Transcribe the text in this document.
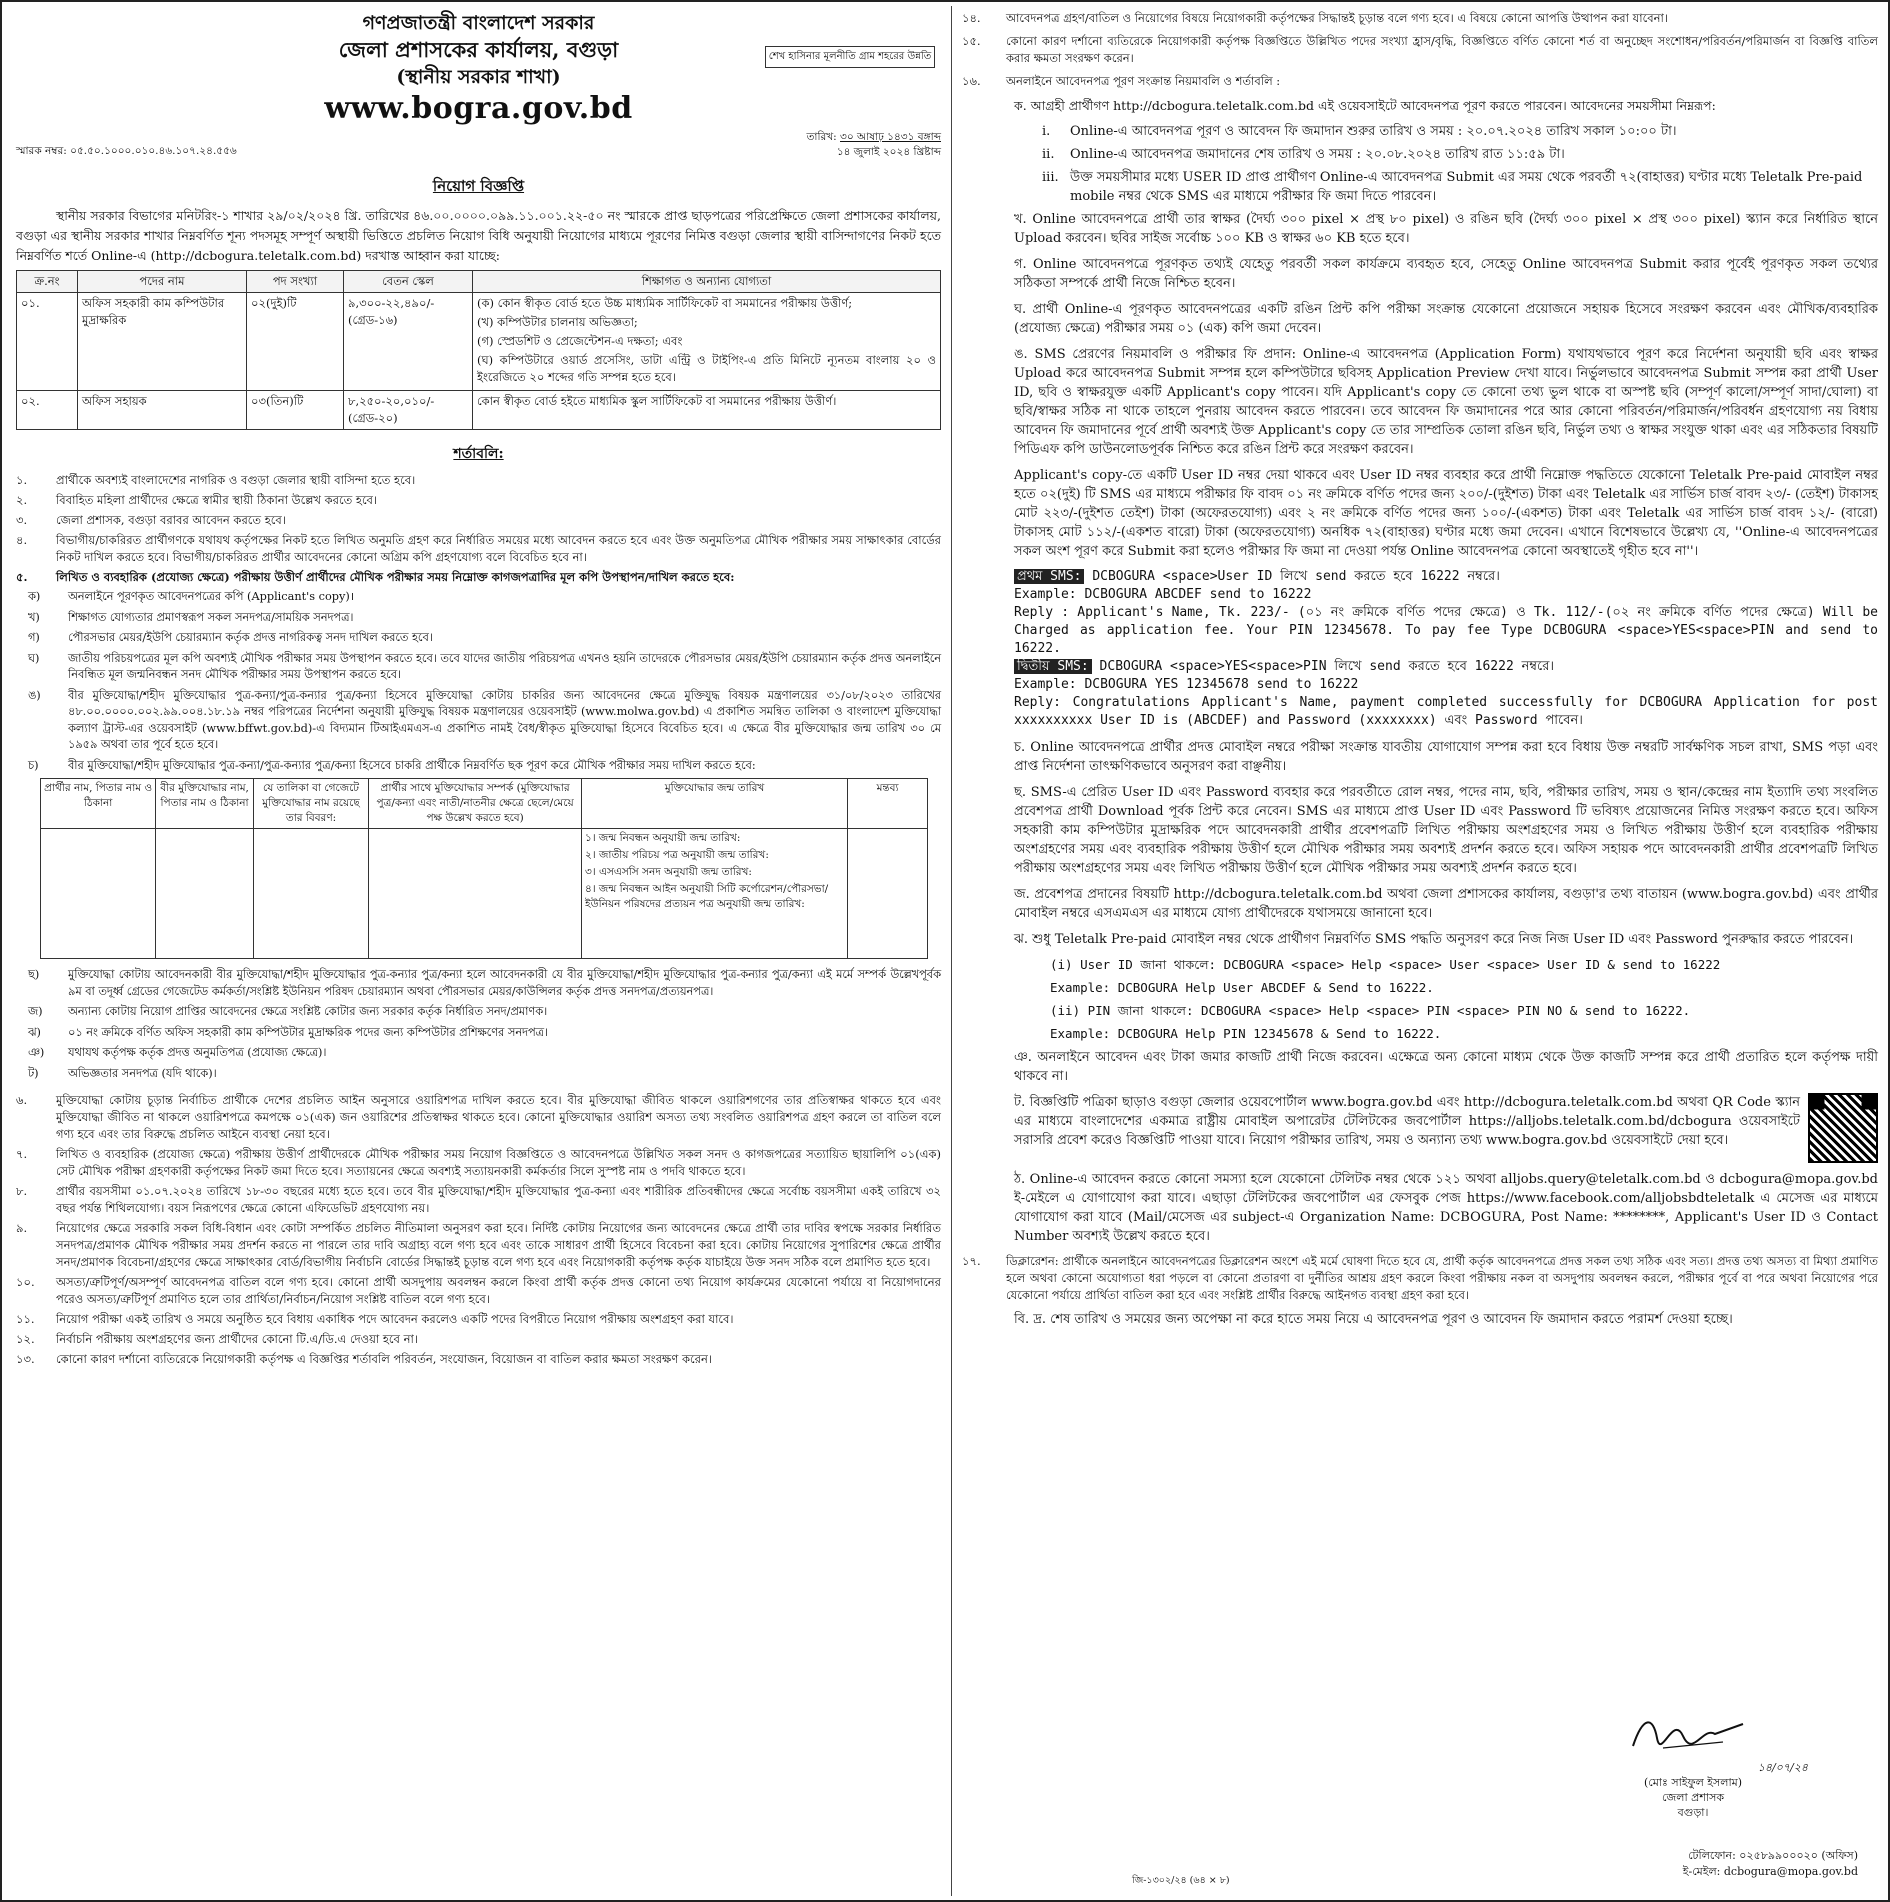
গণপ্রজাতন্ত্রী বাংলাদেশ সরকার
জেলা প্রশাসকের কার্যালয়, বগুড়া
(স্থানীয় সরকার শাখা)
www.bogra.gov.bd
শেখ হাসিনার মূলনীতি গ্রাম শহরের উন্নতি
স্মারক নম্বর: ০৫.৫০.১০০০.০১০.৪৬.১০৭.২৪.৫৫৬
তারিখ: ৩০ আষাঢ় ১৪৩১ বঙ্গাব্দ
১৪ জুলাই ২০২৪ খ্রিষ্টাব্দ
নিয়োগ বিজ্ঞপ্তি
স্থানীয় সরকার বিভাগের মনিটরিং-১ শাখার ২৯/০২/২০২৪ খ্রি. তারিখের ৪৬.০০.০০০০.০৯৯.১১.০০১.২২-৫০ নং স্মারকে প্রাপ্ত ছাড়পত্রের পরিপ্রেক্ষিতে জেলা প্রশাসকের কার্যালয়, বগুড়া এর স্থানীয় সরকার শাখার নিম্নবর্ণিত শূন্য পদসমূহ সম্পূর্ণ অস্থায়ী ভিত্তিতে প্রচলিত নিয়োগ বিধি অনুযায়ী নিয়োগের মাধ্যমে পূরণের নিমিত্ত বগুড়া জেলার স্থায়ী বাসিন্দাগণের নিকট হতে নিম্নবর্ণিত শর্তে Online-এ (http://dcbogura.teletalk.com.bd) দরখাস্ত আহ্বান করা যাচ্ছে:
ক্র.নং	পদের নাম	পদ সংখ্যা	বেতন স্কেল	শিক্ষাগত ও অন্যান্য যোগ্যতা
০১.	অফিস সহকারী কাম কম্পিউটার মুদ্রাক্ষরিক	০২(দুই)টি	৯,৩০০-২২,৪৯০/- (গ্রেড-১৬)	(ক) কোন স্বীকৃত বোর্ড হতে উচ্চ মাধ্যমিক সার্টিফিকেট বা সমমানের পরীক্ষায় উত্তীর্ণ;

(খ) কম্পিউটার চালনায় অভিজ্ঞতা;

(গ) স্প্রেডশিট ও প্রেজেন্টেশন-এ দক্ষতা; এবং

(ঘ) কম্পিউটারে ওয়ার্ড প্রসেসিং, ডাটা এন্ট্রি ও টাইপিং-এ প্রতি মিনিটে ন্যূনতম বাংলায় ২০ ও ইংরেজিতে ২০ শব্দের গতি সম্পন্ন হতে হবে।

০২.	অফিস সহায়ক	০৩(তিন)টি	৮,২৫০-২০,০১০/- (গ্রেড-২০)	কোন স্বীকৃত বোর্ড হইতে মাধ্যমিক স্কুল সার্টিফিকেট বা সমমানের পরীক্ষায় উত্তীর্ণ।

শর্তাবলি:
১.	প্রার্থীকে অবশ্যই বাংলাদেশের নাগরিক ও বগুড়া জেলার স্থায়ী বাসিন্দা হতে হবে।
২.	বিবাহিত মহিলা প্রার্থীদের ক্ষেত্রে স্বামীর স্থায়ী ঠিকানা উল্লেখ করতে হবে।
৩.	জেলা প্রশাসক, বগুড়া বরাবর আবেদন করতে হবে।
৪.	বিভাগীয়/চাকরিরত প্রার্থীগণকে যথাযথ কর্তৃপক্ষের নিকট হতে লিখিত অনুমতি গ্রহণ করে নির্ধারিত সময়ের মধ্যে আবেদন করতে হবে এবং উক্ত অনুমতিপত্র মৌখিক পরীক্ষার সময় সাক্ষাৎকার বোর্ডের নিকট দাখিল করতে হবে। বিভাগীয়/চাকরিরত প্রার্থীর আবেদনের কোনো অগ্রিম কপি গ্রহণযোগ্য বলে বিবেচিত হবে না।
৫.	লিখিত ও ব্যবহারিক (প্রযোজ্য ক্ষেত্রে) পরীক্ষায় উত্তীর্ণ প্রার্থীদের মৌখিক পরীক্ষার সময় নিম্নোক্ত কাগজপত্রাদির মূল কপি উপস্থাপন/দাখিল করতে হবে:
ক)	অনলাইনে পূরণকৃত আবেদনপত্রের কপি (Applicant's copy)।
খ)	শিক্ষাগত যোগ্যতার প্রমাণস্বরূপ সকল সনদপত্র/সাময়িক সনদপত্র।
গ)	পৌরসভার মেয়র/ইউপি চেয়ারম্যান কর্তৃক প্রদত্ত নাগরিকত্ব সনদ দাখিল করতে হবে।
ঘ)	জাতীয় পরিচয়পত্রের মূল কপি অবশ্যই মৌখিক পরীক্ষার সময় উপস্থাপন করতে হবে। তবে যাদের জাতীয় পরিচয়পত্র এখনও হয়নি তাদেরকে পৌরসভার মেয়র/ইউপি চেয়ারম্যান কর্তৃক প্রদত্ত অনলাইনে নিবন্ধিত মূল জন্মনিবন্ধন সনদ মৌখিক পরীক্ষার সময় উপস্থাপন করতে হবে।
ঙ)	বীর মুক্তিযোদ্ধা/শহীদ মুক্তিযোদ্ধার পুত্র-কন্যা/পুত্র-কন্যার পুত্র/কন্যা হিসেবে মুক্তিযোদ্ধা কোটায় চাকরির জন্য আবেদনের ক্ষেত্রে মুক্তিযুদ্ধ বিষয়ক মন্ত্রণালয়ের ৩১/০৮/২০২৩ তারিখের ৪৮.০০.০০০০.০০২.৯৯.০০৪.১৮.১৯ নম্বর পরিপত্রের নির্দেশনা অনুযায়ী মুক্তিযুদ্ধ বিষয়ক মন্ত্রণালয়ের ওয়েবসাইট (www.molwa.gov.bd) এ প্রকাশিত সমন্বিত তালিকা ও বাংলাদেশ মুক্তিযোদ্ধা কল্যাণ ট্রাস্ট-এর ওয়েবসাইট (www.bffwt.gov.bd)-এ বিদ্যমান টিআইএমএস-এ প্রকাশিত নামই বৈধ/স্বীকৃত মুক্তিযোদ্ধা হিসেবে বিবেচিত হবে। এ ক্ষেত্রে বীর মুক্তিযোদ্ধার জন্ম তারিখ ৩০ মে ১৯৫৯ অথবা তার পূর্বে হতে হবে।
চ)	বীর মুক্তিযোদ্ধা/শহীদ মুক্তিযোদ্ধার পুত্র-কন্যা/পুত্র-কন্যার পুত্র/কন্যা হিসেবে চাকরি প্রার্থীকে নিম্নবর্ণিত ছক পূরণ করে মৌখিক পরীক্ষার সময় দাখিল করতে হবে:
প্রার্থীর নাম, পিতার নাম ও ঠিকানা	বীর মুক্তিযোদ্ধার নাম, পিতার নাম ও ঠিকানা	যে তালিকা বা গেজেটে মুক্তিযোদ্ধার নাম রয়েছে তার বিবরণ:	প্রার্থীর সাথে মুক্তিযোদ্ধার সম্পর্ক (মুক্তিযোদ্ধার পুত্র/কন্যা এবং নাতী/নাতনীর ক্ষেত্রে ছেলে/মেয়ে পক্ষ উল্লেখ করতে হবে)	মুক্তিযোদ্ধার জন্ম তারিখ	মন্তব্য

				১। জন্ম নিবন্ধন অনুযায়ী জন্ম তারিখ:
২। জাতীয় পরিচয় পত্র অনুযায়ী জন্ম তারিখ:
৩। এসএসসি সনদ অনুযায়ী জন্ম তারিখ:
৪। জন্ম নিবন্ধন আইন অনুযায়ী সিটি কর্পোরেশন/পৌরসভা/ইউনিয়ন পরিষদের প্রত্যয়ন পত্র অনুযায়ী জন্ম তারিখ:	

ছ)	মুক্তিযোদ্ধা কোটায় আবেদনকারী বীর মুক্তিযোদ্ধা/শহীদ মুক্তিযোদ্ধার পুত্র-কন্যার পুত্র/কন্যা হলে আবেদনকারী যে বীর মুক্তিযোদ্ধা/শহীদ মুক্তিযোদ্ধার পুত্র-কন্যার পুত্র/কন্যা এই মর্মে সম্পর্ক উল্লেখপূর্বক ৯ম বা তদূর্ধ্ব গ্রেডের গেজেটেড কর্মকর্তা/সংশ্লিষ্ট ইউনিয়ন পরিষদ চেয়ারম্যান অথবা পৌরসভার মেয়র/কাউন্সিলর কর্তৃক প্রদত্ত সনদপত্র/প্রত্যয়নপত্র।
জ)	অন্যান্য কোটায় নিয়োগ প্রাপ্তির আবেদনের ক্ষেত্রে সংশ্লিষ্ট কোটার জন্য সরকার কর্তৃক নির্ধারিত সনদ/প্রমাণক।
ঝ)	০১ নং ক্রমিকে বর্ণিত অফিস সহকারী কাম কম্পিউটার মুদ্রাক্ষরিক পদের জন্য কম্পিউটার প্রশিক্ষণের সনদপত্র।
ঞ)	যথাযথ কর্তৃপক্ষ কর্তৃক প্রদত্ত অনুমতিপত্র (প্রযোজ্য ক্ষেত্রে)।
ট)	অভিজ্ঞতার সনদপত্র (যদি থাকে)।
৬.	মুক্তিযোদ্ধা কোটায় চূড়ান্ত নির্বাচিত প্রার্থীকে দেশের প্রচলিত আইন অনুসারে ওয়ারিশপত্র দাখিল করতে হবে। বীর মুক্তিযোদ্ধা জীবিত থাকলে ওয়ারিশগণের তার প্রতিস্বাক্ষর থাকতে হবে এবং মুক্তিযোদ্ধা জীবিত না থাকলে ওয়ারিশপত্রে কমপক্ষে ০১(এক) জন ওয়ারিশের প্রতিস্বাক্ষর থাকতে হবে। কোনো মুক্তিযোদ্ধার ওয়ারিশ অসত্য তথ্য সংবলিত ওয়ারিশপত্র গ্রহণ করলে তা বাতিল বলে গণ্য হবে এবং তার বিরুদ্ধে প্রচলিত আইনে ব্যবস্থা নেয়া হবে।
৭.	লিখিত ও ব্যবহারিক (প্রযোজ্য ক্ষেত্রে) পরীক্ষায় উত্তীর্ণ প্রার্থীদেরকে মৌখিক পরীক্ষার সময় নিয়োগ বিজ্ঞপ্তিতে ও আবেদনপত্রে উল্লিখিত সকল সনদ ও কাগজপত্রের সত্যায়িত ছায়ালিপি ০১(এক) সেট মৌখিক পরীক্ষা গ্রহণকারী কর্তৃপক্ষের নিকট জমা দিতে হবে। সত্যায়নের ক্ষেত্রে অবশ্যই সত্যায়নকারী কর্মকর্তার সিলে সুস্পষ্ট নাম ও পদবি থাকতে হবে।
৮.	প্রার্থীর বয়সসীমা ০১.০৭.২০২৪ তারিখে ১৮-৩০ বছরের মধ্যে হতে হবে। তবে বীর মুক্তিযোদ্ধা/শহীদ মুক্তিযোদ্ধার পুত্র-কন্যা এবং শারীরিক প্রতিবন্ধীদের ক্ষেত্রে সর্বোচ্চ বয়সসীমা একই তারিখে ৩২ বছর পর্যন্ত শিথিলযোগ্য। বয়স নিরূপণের ক্ষেত্রে কোনো এফিডেভিট গ্রহণযোগ্য নয়।
৯.	নিয়োগের ক্ষেত্রে সরকারি সকল বিধি-বিধান এবং কোটা সম্পর্কিত প্রচলিত নীতিমালা অনুসরণ করা হবে। নির্দিষ্ট কোটায় নিয়োগের জন্য আবেদনের ক্ষেত্রে প্রার্থী তার দাবির স্বপক্ষে সরকার নির্ধারিত সনদপত্র/প্রমাণক মৌখিক পরীক্ষার সময় প্রদর্শন করতে না পারলে তার দাবি অগ্রাহ্য বলে গণ্য হবে এবং তাকে সাধারণ প্রার্থী হিসেবে বিবেচনা করা হবে। কোটায় নিয়োগের সুপারিশের ক্ষেত্রে প্রার্থীর সনদ/প্রমাণক বিবেচনা/গ্রহণের ক্ষেত্রে সাক্ষাৎকার বোর্ড/বিভাগীয় নির্বাচনি বোর্ডের সিদ্ধান্তই চূড়ান্ত বলে গণ্য হবে এবং নিয়োগকারী কর্তৃপক্ষ কর্তৃক যাচাইয়ে উক্ত সনদ সঠিক বলে প্রমাণিত হতে হবে।
১০.	অসত্য/ত্রুটিপূর্ণ/অসম্পূর্ণ আবেদনপত্র বাতিল বলে গণ্য হবে। কোনো প্রার্থী অসদুপায় অবলম্বন করলে কিংবা প্রার্থী কর্তৃক প্রদত্ত কোনো তথ্য নিয়োগ কার্যক্রমের যেকোনো পর্যায়ে বা নিয়োগদানের পরেও অসত্য/ত্রুটিপূর্ণ প্রমাণিত হলে তার প্রার্থিতা/নির্বাচন/নিয়োগ সংশ্লিষ্ট বাতিল বলে গণ্য হবে।
১১.	নিয়োগ পরীক্ষা একই তারিখ ও সময়ে অনুষ্ঠিত হবে বিধায় একাধিক পদে আবেদন করলেও একটি পদের বিপরীতে নিয়োগ পরীক্ষায় অংশগ্রহণ করা যাবে।
১২.	নির্বাচনি পরীক্ষায় অংশগ্রহণের জন্য প্রার্থীদের কোনো টি.এ/ডি.এ দেওয়া হবে না।
১৩.	কোনো কারণ দর্শানো ব্যতিরেকে নিয়োগকারী কর্তৃপক্ষ এ বিজ্ঞপ্তির শর্তাবলি পরিবর্তন, সংযোজন, বিয়োজন বা বাতিল করার ক্ষমতা সংরক্ষণ করেন।
১৪.	আবেদনপত্র গ্রহণ/বাতিল ও নিয়োগের বিষয়ে নিয়োগকারী কর্তৃপক্ষের সিদ্ধান্তই চূড়ান্ত বলে গণ্য হবে। এ বিষয়ে কোনো আপত্তি উত্থাপন করা যাবেনা।
১৫.	কোনো কারণ দর্শানো ব্যতিরেকে নিয়োগকারী কর্তৃপক্ষ বিজ্ঞপ্তিতে উল্লিখিত পদের সংখ্যা হ্রাস/বৃদ্ধি, বিজ্ঞপ্তিতে বর্ণিত কোনো শর্ত বা অনুচ্ছেদ সংশোধন/পরিবর্তন/পরিমার্জন বা বিজ্ঞপ্তি বাতিল করার ক্ষমতা সংরক্ষণ করেন।
১৬.	অনলাইনে আবেদনপত্র পূরণ সংক্রান্ত নিয়মাবলি ও শর্তাবলি :
ক. আগ্রহী প্রার্থীগণ http://dcbogura.teletalk.com.bd এই ওয়েবসাইটে আবেদনপত্র পূরণ করতে পারবেন। আবেদনের সময়সীমা নিম্নরূপ:
i.	Online-এ আবেদনপত্র পূরণ ও আবেদন ফি জমাদান শুরুর তারিখ ও সময় : ২০.০৭.২০২৪ তারিখ সকাল ১০:০০ টা।
ii.	Online-এ আবেদনপত্র জমাদানের শেষ তারিখ ও সময় : ২০.০৮.২০২৪ তারিখ রাত ১১:৫৯ টা।
iii. উক্ত সময়সীমার মধ্যে USER ID প্রাপ্ত প্রার্থীগণ Online-এ আবেদনপত্র Submit এর সময় থেকে পরবর্তী ৭২(বাহাত্তর) ঘণ্টার মধ্যে Teletalk Pre-paid mobile নম্বর থেকে SMS এর মাধ্যমে পরীক্ষার ফি জমা দিতে পারবেন।
খ. Online আবেদনপত্রে প্রার্থী তার স্বাক্ষর (দৈর্ঘ্য ৩০০ pixel × প্রস্থ ৮০ pixel) ও রঙিন ছবি (দৈর্ঘ্য ৩০০ pixel × প্রস্থ ৩০০ pixel) স্ক্যান করে নির্ধারিত স্থানে Upload করবেন। ছবির সাইজ সর্বোচ্চ ১০০ KB ও স্বাক্ষর ৬০ KB হতে হবে।
গ. Online আবেদনপত্রে পূরণকৃত তথ্যই যেহেতু পরবর্তী সকল কার্যক্রমে ব্যবহৃত হবে, সেহেতু Online আবেদনপত্র Submit করার পূর্বেই পূরণকৃত সকল তথ্যের সঠিকতা সম্পর্কে প্রার্থী নিজে নিশ্চিত হবেন।
ঘ. প্রার্থী Online-এ পূরণকৃত আবেদনপত্রের একটি রঙিন প্রিন্ট কপি পরীক্ষা সংক্রান্ত যেকোনো প্রয়োজনে সহায়ক হিসেবে সংরক্ষণ করবেন এবং মৌখিক/ব্যবহারিক (প্রযোজ্য ক্ষেত্রে) পরীক্ষার সময় ০১ (এক) কপি জমা দেবেন।
ঙ. SMS প্রেরণের নিয়মাবলি ও পরীক্ষার ফি প্রদান: Online-এ আবেদনপত্র (Application Form) যথাযথভাবে পূরণ করে নির্দেশনা অনুযায়ী ছবি এবং স্বাক্ষর Upload করে আবেদনপত্র Submit সম্পন্ন হলে কম্পিউটারে ছবিসহ Application Preview দেখা যাবে। নির্ভুলভাবে আবেদনপত্র Submit সম্পন্ন করা প্রার্থী User ID, ছবি ও স্বাক্ষরযুক্ত একটি Applicant's copy পাবেন। যদি Applicant's copy তে কোনো তথ্য ভুল থাকে বা অস্পষ্ট ছবি (সম্পূর্ণ কালো/সম্পূর্ণ সাদা/ঘোলা) বা ছবি/স্বাক্ষর সঠিক না থাকে তাহলে পুনরায় আবেদন করতে পারবেন। তবে আবেদন ফি জমাদানের পরে আর কোনো পরিবর্তন/পরিমার্জন/পরিবর্ধন গ্রহণযোগ্য নয় বিধায় আবেদন ফি জমাদানের পূর্বে প্রার্থী অবশ্যই উক্ত Applicant's copy তে তার সাম্প্রতিক তোলা রঙিন ছবি, নির্ভুল তথ্য ও স্বাক্ষর সংযুক্ত থাকা এবং এর সঠিকতার বিষয়টি পিডিএফ কপি ডাউনলোডপূর্বক নিশ্চিত করে রঙিন প্রিন্ট করে সংরক্ষণ করবেন।
Applicant's copy-তে একটি User ID নম্বর দেয়া থাকবে এবং User ID নম্বর ব্যবহার করে প্রার্থী নিম্নোক্ত পদ্ধতিতে যেকোনো Teletalk Pre-paid মোবাইল নম্বর হতে ০২(দুই) টি SMS এর মাধ্যমে পরীক্ষার ফি বাবদ ০১ নং ক্রমিকে বর্ণিত পদের জন্য ২০০/-(দুইশত) টাকা এবং Teletalk এর সার্ভিস চার্জ বাবদ ২৩/- (তেইশ) টাকাসহ মোট ২২৩/-(দুইশত তেইশ) টাকা (অফেরতযোগ্য) এবং ২ নং ক্রমিকে বর্ণিত পদের জন্য ১০০/-(একশত) টাকা এবং Teletalk এর সার্ভিস চার্জ বাবদ ১২/- (বারো) টাকাসহ মোট ১১২/-(একশত বারো) টাকা (অফেরতযোগ্য) অনধিক ৭২(বাহাত্তর) ঘণ্টার মধ্যে জমা দেবেন। এখানে বিশেষভাবে উল্লেখ্য যে, ''Online-এ আবেদনপত্রের সকল অংশ পূরণ করে Submit করা হলেও পরীক্ষার ফি জমা না দেওয়া পর্যন্ত Online আবেদনপত্র কোনো অবস্থাতেই গৃহীত হবে না''।
প্রথম SMS: DCBOGURA <space>User ID লিখে send করতে হবে 16222 নম্বরে।
Example: DCBOGURA ABCDEF send to 16222
Reply : Applicant's Name, Tk. 223/- (০১ নং ক্রমিকে বর্ণিত পদের ক্ষেত্রে) ও Tk. 112/-(০২ নং ক্রমিকে বর্ণিত পদের ক্ষেত্রে) Will be Charged as application fee. Your PIN 12345678. To pay fee Type DCBOGURA <space>YES<space>PIN and send to 16222.
দ্বিতীয় SMS: DCBOGURA <space>YES<space>PIN লিখে send করতে হবে 16222 নম্বরে।
Example: DCBOGURA YES 12345678 send to 16222
Reply: Congratulations Applicant's Name, payment completed successfully for DCBOGURA Application for post xxxxxxxxxx User ID is (ABCDEF) and Password (xxxxxxxx) এবং Password পাবেন।
চ. Online আবেদনপত্রে প্রার্থীর প্রদত্ত মোবাইল নম্বরে পরীক্ষা সংক্রান্ত যাবতীয় যোগাযোগ সম্পন্ন করা হবে বিধায় উক্ত নম্বরটি সার্বক্ষণিক সচল রাখা, SMS পড়া এবং প্রাপ্ত নির্দেশনা তাৎক্ষণিকভাবে অনুসরণ করা বাঞ্ছনীয়।
ছ. SMS-এ প্রেরিত User ID এবং Password ব্যবহার করে পরবর্তীতে রোল নম্বর, পদের নাম, ছবি, পরীক্ষার তারিখ, সময় ও স্থান/কেন্দ্রের নাম ইত্যাদি তথ্য সংবলিত প্রবেশপত্র প্রার্থী Download পূর্বক প্রিন্ট করে নেবেন। SMS এর মাধ্যমে প্রাপ্ত User ID এবং Password টি ভবিষ্যৎ প্রয়োজনের নিমিত্ত সংরক্ষণ করতে হবে। অফিস সহকারী কাম কম্পিউটার মুদ্রাক্ষরিক পদে আবেদনকারী প্রার্থীর প্রবেশপত্রটি লিখিত পরীক্ষায় অংশগ্রহণের সময় ও লিখিত পরীক্ষায় উত্তীর্ণ হলে ব্যবহারিক পরীক্ষায় অংশগ্রহণের সময় এবং ব্যবহারিক পরীক্ষায় উত্তীর্ণ হলে মৌখিক পরীক্ষার সময় অবশ্যই প্রদর্শন করতে হবে। অফিস সহায়ক পদে আবেদনকারী প্রার্থীর প্রবেশপত্রটি লিখিত পরীক্ষায় অংশগ্রহণের সময় এবং লিখিত পরীক্ষায় উত্তীর্ণ হলে মৌখিক পরীক্ষার সময় অবশ্যই প্রদর্শন করতে হবে।
জ. প্রবেশপত্র প্রদানের বিষয়টি http://dcbogura.teletalk.com.bd অথবা জেলা প্রশাসকের কার্যালয়, বগুড়া'র তথ্য বাতায়ন (www.bogra.gov.bd) এবং প্রার্থীর মোবাইল নম্বরে এসএমএস এর মাধ্যমে যোগ্য প্রার্থীদেরকে যথাসময়ে জানানো হবে।
ঝ. শুধু Teletalk Pre-paid মোবাইল নম্বর থেকে প্রার্থীগণ নিম্নবর্ণিত SMS পদ্ধতি অনুসরণ করে নিজ নিজ User ID এবং Password পুনরুদ্ধার করতে পারবেন।
(i) User ID জানা থাকলে: DCBOGURA <space> Help <space> User <space> User ID & send to 16222
Example: DCBOGURA Help User ABCDEF & Send to 16222.
(ii) PIN জানা থাকলে: DCBOGURA <space> Help <space> PIN <space> PIN NO & send to 16222.
Example: DCBOGURA Help PIN 12345678 & Send to 16222.
ঞ. অনলাইনে আবেদন এবং টাকা জমার কাজটি প্রার্থী নিজে করবেন। এক্ষেত্রে অন্য কোনো মাধ্যম থেকে উক্ত কাজটি সম্পন্ন করে প্রার্থী প্রতারিত হলে কর্তৃপক্ষ দায়ী থাকবে না।
ট. বিজ্ঞপ্তিটি পত্রিকা ছাড়াও বগুড়া জেলার ওয়েবপোর্টাল www.bogra.gov.bd এবং http://dcbogura.teletalk.com.bd অথবা QR Code স্ক্যান এর মাধ্যমে বাংলাদেশের একমাত্র রাষ্ট্রীয় মোবাইল অপারেটর টেলিটকের জবপোর্টাল https://alljobs.teletalk.com.bd/dcbogura ওয়েবসাইটে সরাসরি প্রবেশ করেও বিজ্ঞপ্তিটি পাওয়া যাবে। নিয়োগ পরীক্ষার তারিখ, সময় ও অন্যান্য তথ্য www.bogra.gov.bd ওয়েবসাইটে দেয়া হবে।
ঠ. Online-এ আবেদন করতে কোনো সমস্যা হলে যেকোনো টেলিটক নম্বর থেকে ১২১ অথবা alljobs.query@teletalk.com.bd ও dcbogura@mopa.gov.bd ই-মেইলে এ যোগাযোগ করা যাবে। এছাড়া টেলিটকের জবপোর্টাল এর ফেসবুক পেজ https://www.facebook.com/alljobsbdteletalk এ মেসেজ এর মাধ্যমে যোগাযোগ করা যাবে (Mail/মেসেজ এর subject-এ Organization Name: DCBOGURA, Post Name: ********, Applicant's User ID ও Contact Number অবশ্যই উল্লেখ করতে হবে।
১৭.	ডিক্লারেশন: প্রার্থীকে অনলাইনে আবেদনপত্রের ডিক্লারেশন অংশে এই মর্মে ঘোষণা দিতে হবে যে, প্রার্থী কর্তৃক আবেদনপত্রে প্রদত্ত সকল তথ্য সঠিক এবং সত্য। প্রদত্ত তথ্য অসত্য বা মিথ্যা প্রমাণিত হলে অথবা কোনো অযোগ্যতা ধরা পড়লে বা কোনো প্রতারণা বা দুর্নীতির আশ্রয় গ্রহণ করলে কিংবা পরীক্ষায় নকল বা অসদুপায় অবলম্বন করলে, পরীক্ষার পূর্বে বা পরে অথবা নিয়োগের পরে যেকোনো পর্যায়ে প্রার্থিতা বাতিল করা হবে এবং সংশ্লিষ্ট প্রার্থীর বিরুদ্ধে আইনগত ব্যবস্থা গ্রহণ করা হবে।
বি. দ্র. শেষ তারিখ ও সময়ের জন্য অপেক্ষা না করে হাতে সময় নিয়ে এ আবেদনপত্র পূরণ ও আবেদন ফি জমাদান করতে পরামর্শ দেওয়া হচ্ছে।
১৪/০৭/২৪
(মোঃ সাইফুল ইসলাম)
জেলা প্রশাসক
বগুড়া।
টেলিফোন: ০২৫৮৯৯০০০২০ (অফিস)
ই-মেইল: dcbogura@mopa.gov.bd
জি-১৩০২/২৪ (৬৪ × ৮)
